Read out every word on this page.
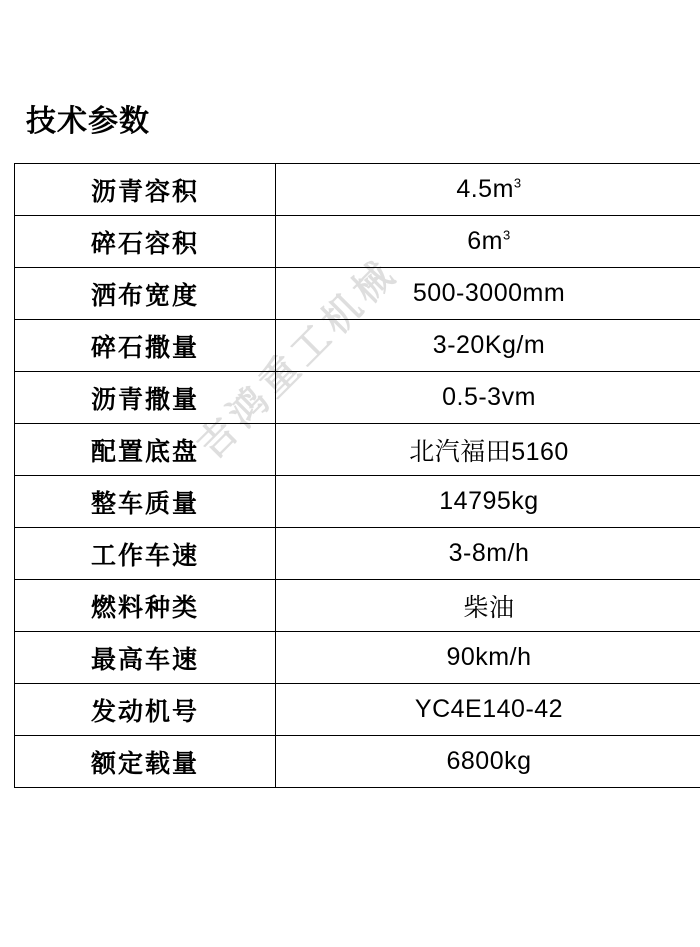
技术参数
沥青容积	$4.5m^3$
碎石容积	$6m^3$
洒布宽度	500-3000mm
碎石撒量	3-20Kg/m
沥青撒量	0.5-3vm
配置底盘	北汽福田5160
整车质量	14795kg
工作车速	3-8m/h
燃料种类	柴油
最高车速	90km/h
发动机号	YC4E140-42
额定载量	6800kg
吉鸿重工机械
